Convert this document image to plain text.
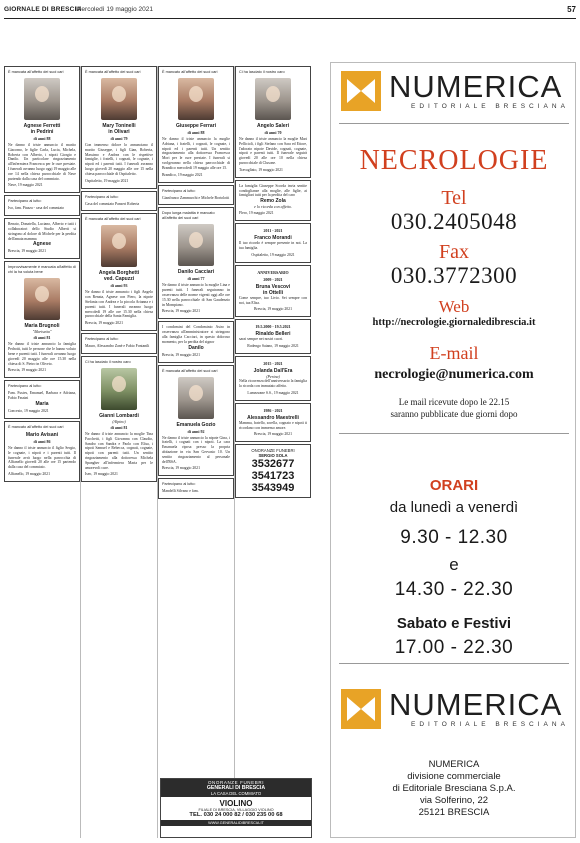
GIORNALE DI BRESCIA
Mercoledì 19 maggio 2021	57
È mancata all'affetto dei suoi cari
Agnese Ferretti
in Pedrini
di anni 88
Ne danno il triste annuncio il marito Giacomo, le figlie Carla, Lucia, Michela, Roberta con Alberto, i nipoti Giorgio e Danilo. Un particolare ringraziamento all'infermiera Francesca per le cure prestate. I funerali avranno luogo oggi 19 maggio alle ore 14 nella chiesa parrocchiale di Nave partendo dalla casa del commiato.
Nave, 19 maggio 2021
Partecipano al lutto:
Ivo, fam. Piazza - casa del commiato
Renato, Donatella, Luciano, Alberto e tutti i collaboratori dello Studio Alberti si stringono al dolore di Michele per la perdita dell'amata mamma
Agnese
Brescia, 19 maggio 2021
Improvvisamente è mancata all'affetto di chi la ha voluta bene
Maria Brugnoli
"Marisetta"
di anni 81
Ne danno il triste annuncio la famiglia Pedrotti, tutti le persone che le hanno voluto bene e parenti tutti. I funerali avranno luogo giovedì 20 maggio alle ore 15.30 nella chiesa di S. Pietro in Oliveto.
Brescia, 19 maggio 2021
Partecipano al lutto:
Fam. Fustes, Emanuel, Barbara e Adriana, Fabio Fassini
Maria
Concesio, 19 maggio 2021
È mancato all'affetto dei suoi cari
Mario Avisani
di anni 86
Ne danno il triste annuncio il figlio Sergio, le cognate, i nipoti e i parenti tutti. Il funerale avrà luogo nella parrocchia di Alfianello giovedì 20 alle ore 15 partendo dalla casa del commiato.
Alfianello, 19 maggio 2021
È mancata all'affetto dei suoi cari
Mary Toninelli
in Olivari
di anni 79
Con immenso dolore lo annunciano il marito Giuseppe, i figli Gian, Roberta, Massimo e Andrea con le rispettive famiglie, i fratelli, i cognati, le cognate, i nipoti ed i parenti tutti. I funerali avranno luogo giovedì 20 maggio alle ore 15 nella chiesa parrocchiale di Ospitaletto.
Ospitaletto, 19 maggio 2021
Partecipano al lutto:
Casa del commiato Panseri Roberta
È mancata all'affetto dei suoi cari
Angela Borghetti
ved. Capuzzi
di anni 93
Ne danno il triste annuncio i figli Angelo con Renata, Agnese con Piero, la nipote Stefania con Andrea e la piccola Arianna e i parenti tutti. I funerali avranno luogo mercoledì 19 alle ore 15.30 nella chiesa parrocchiale della Santa Famiglia.
Brescia, 19 maggio 2021
Partecipano al lutto:
Mauro, Alessandro Zanè e Fabio Fontanili
Ci ha lasciato il nostro caro
Gianni Lombardi
(Alpino)
di anni 81
Ne danno il triste annuncio la moglie Tina Facchetti, i figli Giovanna con Claudio, Sandro con Sandra e Paolo con Elisa, i nipoti Samuel e Rebecca, cognati, cognate, nipoti con parenti tutti. Un sentito ringraziamento alla dottoressa Michela Spangher all'infermiera Maria per le amorevoli cure.
Iseo, 19 maggio 2021
È mancato all'affetto dei suoi cari
Giuseppe Ferrari
di anni 88
Ne danno il triste annuncio la moglie Adriana, i fratelli, i cognati, le cognate, i nipoti ed i parenti tutti. Un sentito ringraziamento alla dottoressa Francesca Mori per le cure prestate. I funerali si svolgeranno nella chiesa parrocchiale di Brandico mercoledì 19 maggio alle ore 15.
Brandico, 19 maggio 2021
Partecipano al lutto:
Gianfranco Zammarchi e Michele Bortolotti
Dopo lunga malattia è mancato all'affetto dei suoi cari
Danilo Cacciari
di anni 77
Ne danno il triste annuncio la moglie Lina e parenti tutti. I funerali seguiranno in osservanza delle norme vigenti oggi alle ore 15.30 nella parrocchiale di San Gaudenzio in Mompiano.
Brescia, 19 maggio 2021
I condomini del Condominio Astro in osservanza all'amministratore si stringono alla famiglia Cacciari, in questo doloroso momento, per la perdita del signor
Danilo
Brescia, 19 maggio 2021
È mancata all'affetto dei suoi cari
Emanuela Gozio
di anni 92
Ne danno il triste annuncio la nipote Gina, i fratelli, i cognati con i nipoti. La cara Emanuela riposa presso la propria abitazione in via San Gervasio 10. Un sentito ringraziamento al personale dell'RSA.
Brescia, 19 maggio 2021
Partecipano al lutto:
Mandelli Silvano e fam.
Ci ha lasciato il nostro caro
Angelo Saleri
di anni 70
Ne danno il triste annuncio la moglie Mari Pellicioli, i figli Stefano con Sara ed Ettore, l'adorato nipote Davide, cognati, cognate, nipoti e parenti tutti. Il funerale seguirà giovedì 20 alle ore 10 nella chiesa parrocchiale di Clusone.
Travagliato, 19 maggio 2021
La famiglia Giuseppe Scorda invia sentite condoglianze alla moglie, alle figlie, ai famigliari tutti per la perdita del caro
Remo Zola
e lo ricorda con affetto.
Flero, 19 maggio 2021
2011 - 2021
Franco Morandi
Il tuo ricordo è sempre presente in noi. La tua famiglia.
Ospitaletto, 19 maggio 2021
ANNIVERSARIO
2009 - 2021
Bruna Vescovi
in Ottelli
Come sempre, tuo Livio. Sei sempre con noi, tua Elisa.
Brescia, 19 maggio 2021
19.5.2000 - 19.5.2021
Rinaldo Belleri
sarai sempre nei nostri cuori.
Rodengo Saiano, 19 maggio 2021
2015 - 2021
Jolanda Dall'Era
(Perina)
Nella ricorrenza dell'anniversario la famiglia la ricorda con immutato affetto.
Lumezzane S.S., 19 maggio 2021
1986 - 2021
Alessandro Maestrelli
Mamma, fratello, sorella, cognato e nipoti ti ricordano con immenso amore.
Brescia, 19 maggio 2021
ONORANZE FUNEBRI
SERGIO SOLA
3532677
3541723
3543949
ONORANZE FUNEBRI
GENERALI DI BRESCIA
LA CASA DEL COMMIATO
VIOLINO
FILIALE DI BRESCIA, VILLAGGIO VIOLINO
TEL. 030 24 000 82 / 030 235 00 68
WWW.GENERALIDIBRESCIA.IT
NUMERICA
EDITORIALE BRESCIANA
NECROLOGIE
Tel
030.2405048
Fax
030.3772300
Web
http://necrologie.giornaledibrescia.it
E-mail
necrologie@numerica.com
Le mail ricevute dopo le 22.15
saranno pubblicate due giorni dopo
ORARI
da lunedì a venerdì
9.30 - 12.30
e
14.30 - 22.30
Sabato e Festivi
17.00 - 22.30
NUMERICA
EDITORIALE BRESCIANA
NUMERICA
divisione commerciale
di Editoriale Bresciana S.p.A.
via Solferino, 22
25121 BRESCIA
